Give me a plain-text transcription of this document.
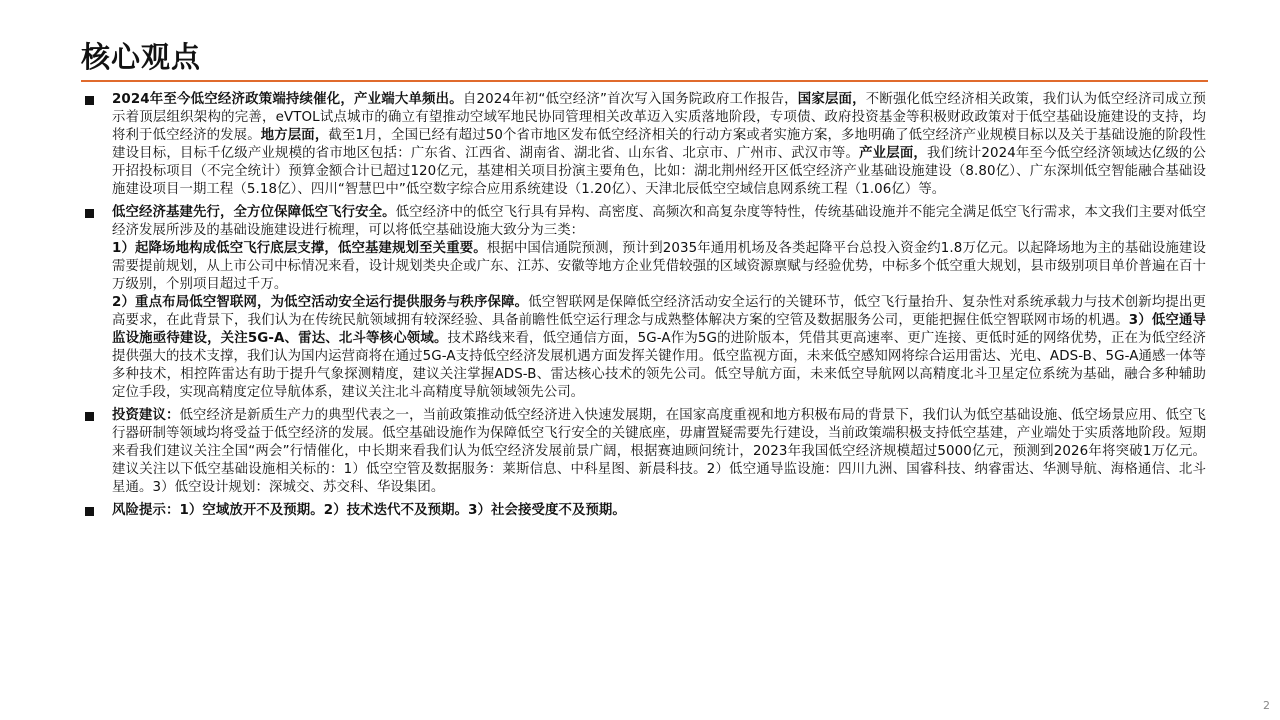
核心观点
2024年至今低空经济政策端持续催化，产业端大单频出。自2024年初“低空经济”首次写入国务院政府工作报告，国家层面，不断强化低空经济相关政策，我们认为低空经济司成立预示着顶层组织架构的完善，eVTOL试点城市的确立有望推动空域军地民协同管理相关改革迈入实质落地阶段，专项债、政府投资基金等积极财政政策对于低空基础设施建设的支持，均将利于低空经济的发展。地方层面，截至1月，全国已经有超过50个省市地区发布低空经济相关的行动方案或者实施方案，多地明确了低空经济产业规模目标以及关于基础设施的阶段性建设目标，目标千亿级产业规模的省市地区包括：广东省、江西省、湖南省、湖北省、山东省、北京市、广州市、武汉市等。产业层面，我们统计2024年至今低空经济领域达亿级的公开招投标项目（不完全统计）预算金额合计已超过120亿元，基建相关项目扮演主要角色，比如：湖北荆州经开区低空经济产业基础设施建设（8.80亿）、广东深圳低空智能融合基础设施建设项目一期工程（5.18亿）、四川“智慧巴中”低空数字综合应用系统建设（1.20亿）、天津北辰低空空域信息网系统工程（1.06亿）等。
低空经济基建先行，全方位保障低空飞行安全。低空经济中的低空飞行具有异构、高密度、高频次和高复杂度等特性，传统基础设施并不能完全满足低空飞行需求，本文我们主要对低空经济发展所涉及的基础设施建设进行梳理，可以将低空基础设施大致分为三类：
1）起降场地构成低空飞行底层支撑，低空基建规划至关重要。根据中国信通院预测，预计到2035年通用机场及各类起降平台总投入资金约1.8万亿元。以起降场地为主的基础设施建设需要提前规划，从上市公司中标情况来看，设计规划类央企或广东、江苏、安徽等地方企业凭借较强的区域资源禀赋与经验优势，中标多个低空重大规划，县市级别项目单价普遍在百十万级别，个别项目超过千万。
2）重点布局低空智联网，为低空活动安全运行提供服务与秩序保障。低空智联网是保障低空经济活动安全运行的关键环节，低空飞行量抬升、复杂性对系统承载力与技术创新均提出更高要求，在此背景下，我们认为在传统民航领域拥有较深经验、具备前瞻性低空运行理念与成熟整体解决方案的空管及数据服务公司，更能把握住低空智联网市场的机遇。3）低空通导监设施亟待建设，关注5G-A、雷达、北斗等核心领域。技术路线来看，低空通信方面，5G-A作为5G的进阶版本，凭借其更高速率、更广连接、更低时延的网络优势，正在为低空经济提供强大的技术支撑，我们认为国内运营商将在通过5G-A支持低空经济发展机遇方面发挥关键作用。低空监视方面，未来低空感知网将综合运用雷达、光电、ADS-B、5G-A通感一体等多种技术，相控阵雷达有助于提升气象探测精度，建议关注掌握ADS-B、雷达核心技术的领先公司。低空导航方面，未来低空导航网以高精度北斗卫星定位系统为基础，融合多种辅助定位手段，实现高精度定位导航体系，建议关注北斗高精度导航领域领先公司。
投资建议：低空经济是新质生产力的典型代表之一，当前政策推动低空经济进入快速发展期，在国家高度重视和地方积极布局的背景下，我们认为低空基础设施、低空场景应用、低空飞行器研制等领域均将受益于低空经济的发展。低空基础设施作为保障低空飞行安全的关键底座，毋庸置疑需要先行建设，当前政策端积极支持低空基建，产业端处于实质落地阶段。短期来看我们建议关注全国“两会”行情催化，中长期来看我们认为低空经济发展前景广阔，根据赛迪顾问统计，2023年我国低空经济规模超过5000亿元，预测到2026年将突破1万亿元。建议关注以下低空基础设施相关标的：1）低空空管及数据服务：莱斯信息、中科星图、新晨科技。2）低空通导监设施：四川九洲、国睿科技、纳睿雷达、华测导航、海格通信、北斗星通。3）低空设计规划：深城交、苏交科、华设集团。
风险提示：1）空域放开不及预期。2）技术迭代不及预期。3）社会接受度不及预期。
2
